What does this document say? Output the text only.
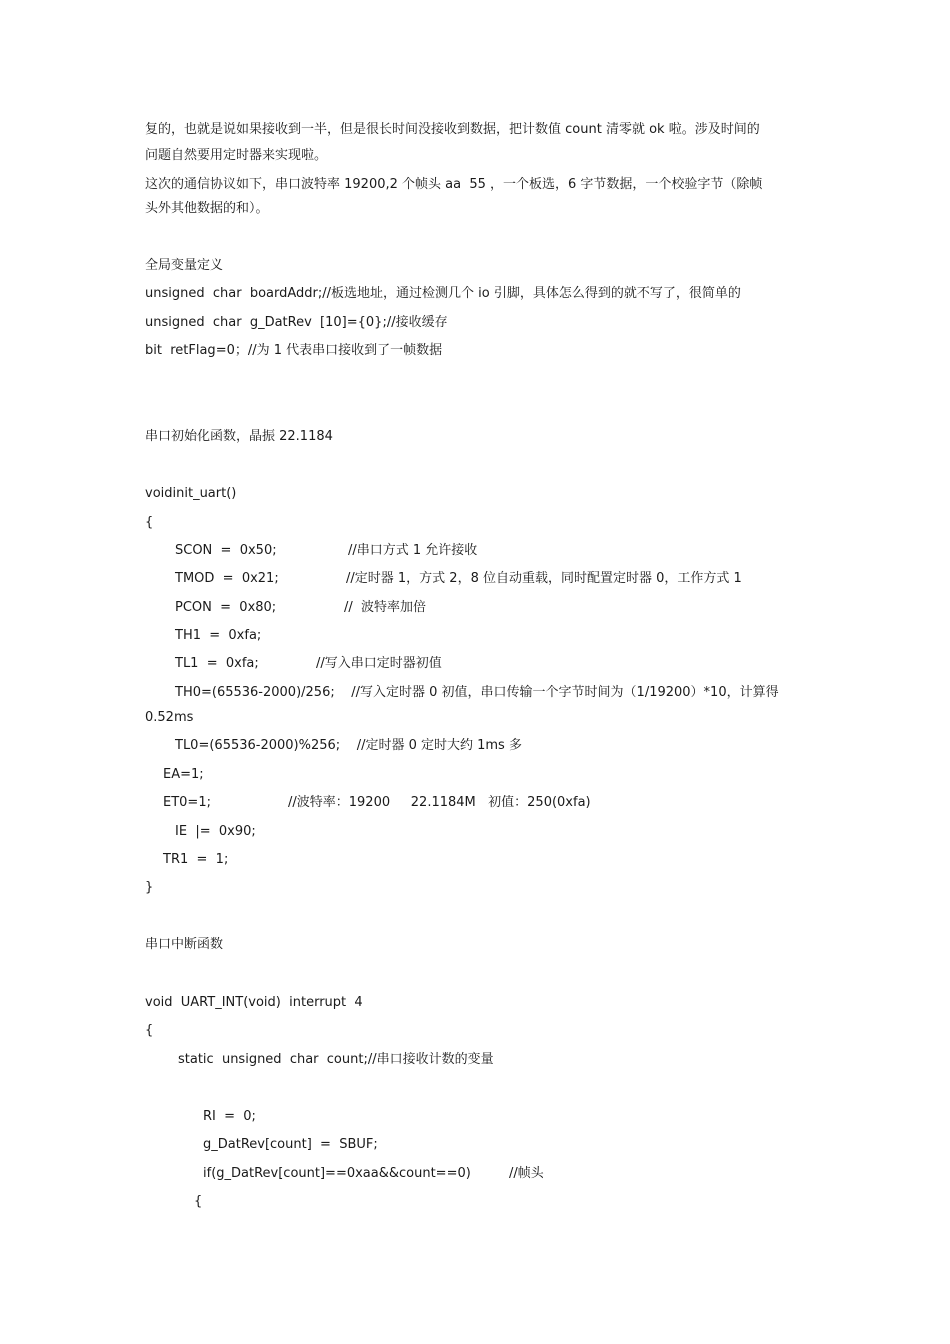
复的，也就是说如果接收到一半，但是很长时间没接收到数据，把计数值 count 清零就 ok 啦。涉及时间的
问题自然要用定时器来实现啦。
这次的通信协议如下，串口波特率 19200,2 个帧头 aa  55 ，一个板选，6 字节数据，一个校验字节（除帧
头外其他数据的和）。
全局变量定义
unsigned  char  boardAddr;//板选地址，通过检测几个 io 引脚，具体怎么得到的就不写了，很简单的
unsigned  char  g_DatRev  [10]={0};//接收缓存
bit  retFlag=0；//为 1 代表串口接收到了一帧数据
串口初始化函数，晶振 22.1184
voidinit_uart()
{
SCON  =  0x50;	//串口方式 1 允许接收
TMOD  =  0x21;	//定时器 1，方式 2，8 位自动重载，同时配置定时器 0，工作方式 1
PCON  =  0x80;	//  波特率加倍
TH1  =  0xfa;
TL1  =  0xfa;	//写入串口定时器初值
TH0=(65536-2000)/256;    //写入定时器 0 初值，串口传输一个字节时间为（1/19200）*10，计算得
0.52ms
TL0=(65536-2000)%256;    //定时器 0 定时大约 1ms 多
EA=1;
ET0=1;	//波特率：19200     22.1184M   初值：250(0xfa)
IE  |=  0x90;
TR1  =  1;
}
串口中断函数
void  UART_INT(void)  interrupt  4
{
static  unsigned  char  count;//串口接收计数的变量
RI  =  0;
g_DatRev[count]  =  SBUF;
if(g_DatRev[count]==0xaa&&count==0)	//帧头
{
